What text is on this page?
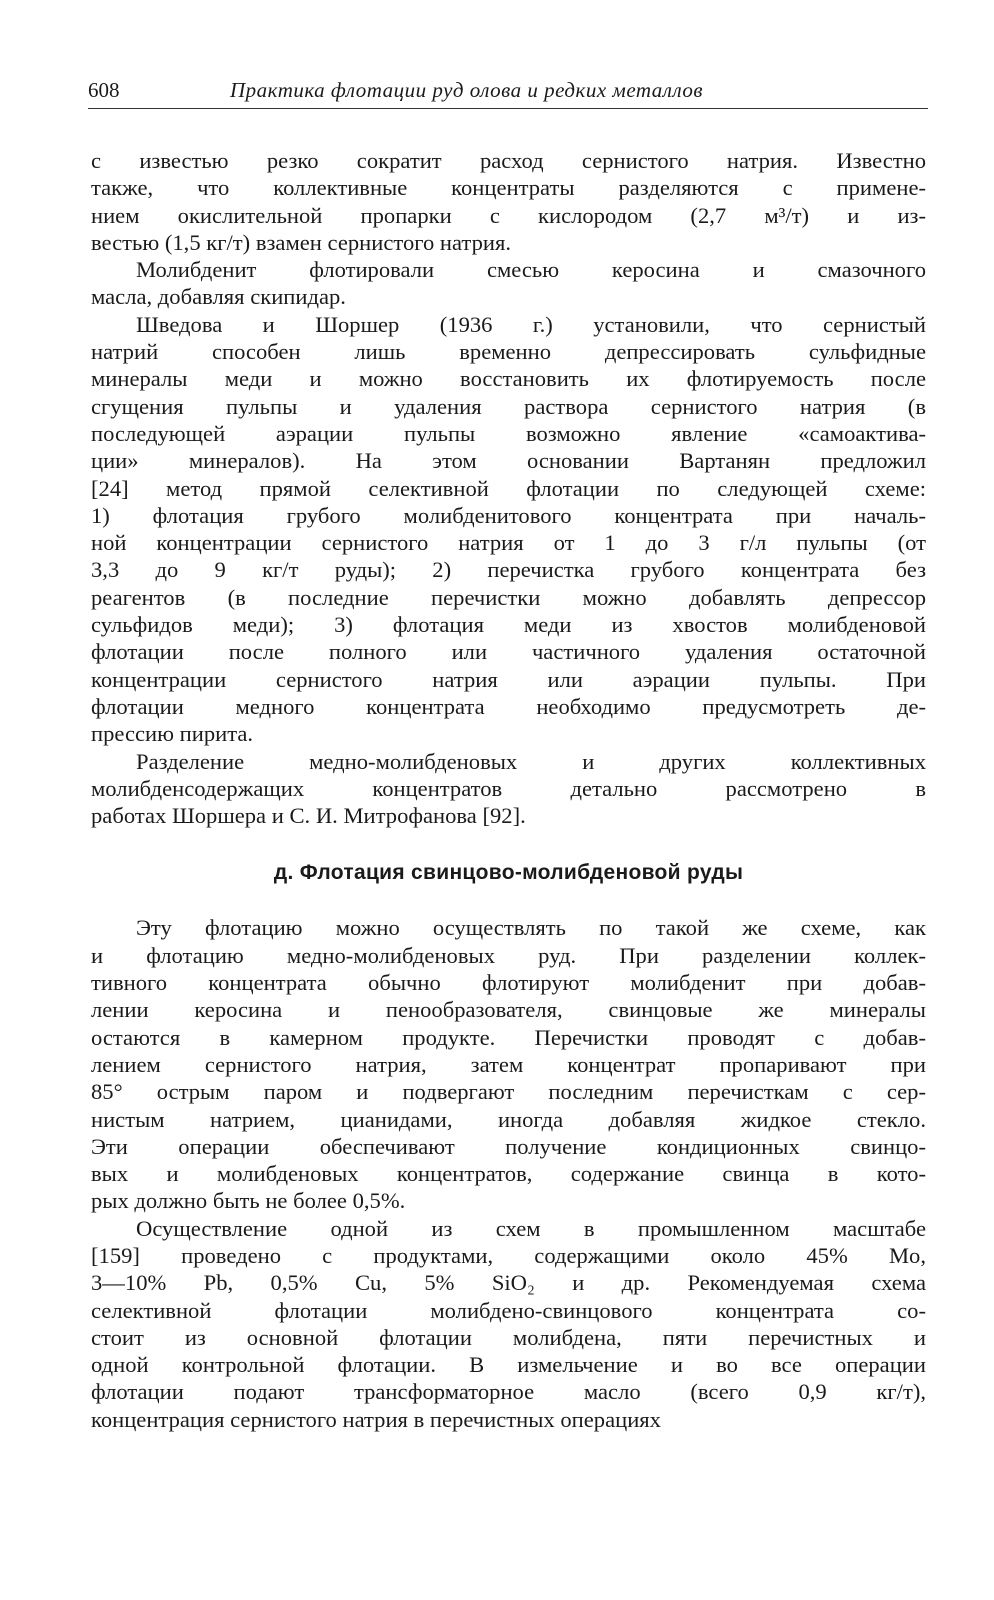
608	Практика флотации руд олова и редких металлов
с известью резко сократит расход сернистого натрия. Известно
также, что коллективные концентраты разделяются с примене-
нием окислительной пропарки с кислородом (2,7 м³/т) и из-
вестью (1,5 кг/т) взамен сернистого натрия.
Молибденит флотировали смесью керосина и смазочного
масла, добавляя скипидар.
Шведова и Шоршер (1936 г.) установили, что сернистый
натрий способен лишь временно депрессировать сульфидные
минералы меди и можно восстановить их флотируемость после
сгущения пульпы и удаления раствора сернистого натрия (в
последующей аэрации пульпы возможно явление «самоактива-
ции» минералов). На этом основании Вартанян предложил
[24] метод прямой селективной флотации по следующей схеме:
1) флотация грубого молибденитового концентрата при началь-
ной концентрации сернистого натрия от 1 до 3 г/л пульпы (от
3,3 до 9 кг/т руды); 2) перечистка грубого концентрата без
реагентов (в последние перечистки можно добавлять депрессор
сульфидов меди); 3) флотация меди из хвостов молибденовой
флотации после полного или частичного удаления остаточной
концентрации сернистого натрия или аэрации пульпы. При
флотации медного концентрата необходимо предусмотреть де-
прессию пирита.
Разделение медно-молибденовых и других коллективных
молибденсодержащих концентратов детально рассмотрено в
работах Шоршера и С. И. Митрофанова [92].
д. Флотация свинцово-молибденовой руды
Эту флотацию можно осуществлять по такой же схеме, как
и флотацию медно-молибденовых руд. При разделении коллек-
тивного концентрата обычно флотируют молибденит при добав-
лении керосина и пенообразователя, свинцовые же минералы
остаются в камерном продукте. Перечистки проводят с добав-
лением сернистого натрия, затем концентрат пропаривают при
85° острым паром и подвергают последним перечисткам с сер-
нистым натрием, цианидами, иногда добавляя жидкое стекло.
Эти операции обеспечивают получение кондиционных свинцо-
вых и молибденовых концентратов, содержание свинца в кото-
рых должно быть не более 0,5%.
Осуществление одной из схем в промышленном масштабе
[159] проведено с продуктами, содержащими около 45% Mo,
3—10% Pb, 0,5% Cu, 5% SiO₂ и др. Рекомендуемая схема
селективной флотации молибдено-свинцового концентрата со-
стоит из основной флотации молибдена, пяти перечистных и
одной контрольной флотации. В измельчение и во все операции
флотации подают трансформаторное масло (всего 0,9 кг/т),
концентрация сернистого натрия в перечистных операциях
